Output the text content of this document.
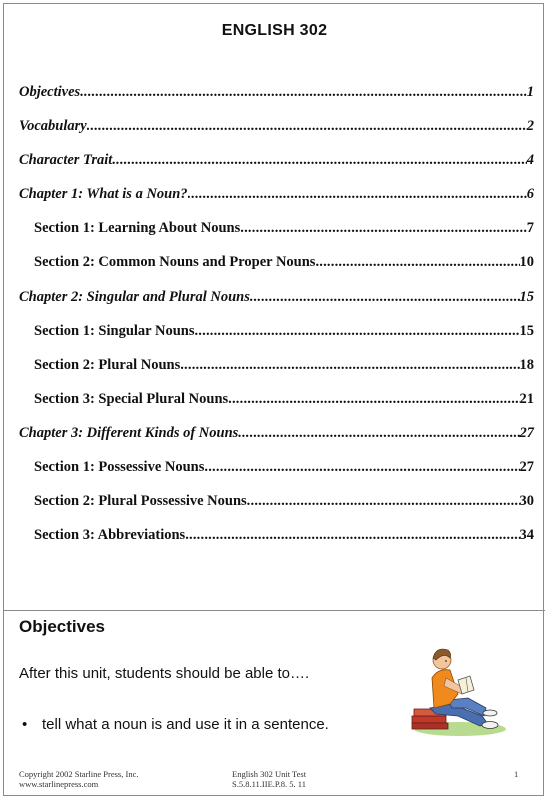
ENGLISH 302
Objectives .....	1
Vocabulary .....	2
Character Trait .....	4
Chapter 1: What is a Noun? .....	6
Section 1: Learning About Nouns .....	7
Section 2: Common Nouns and Proper Nouns .....	10
Chapter 2: Singular and Plural Nouns .....	15
Section 1: Singular Nouns .....	15
Section 2: Plural Nouns .....	18
Section 3: Special Plural Nouns .....	21
Chapter 3: Different Kinds of Nouns .....	27
Section 1: Possessive Nouns .....	27
Section 2: Plural Possessive Nouns .....	30
Section 3: Abbreviations .....	34
Objectives
After this unit, students should be able to….
• tell what a noun is and use it in a sentence.
Copyright 2002 Starline Press, Inc.
www.starlinepress.com
English 302 Unit Test
S.5.8.11.IIE.P.8. 5. 11
1
